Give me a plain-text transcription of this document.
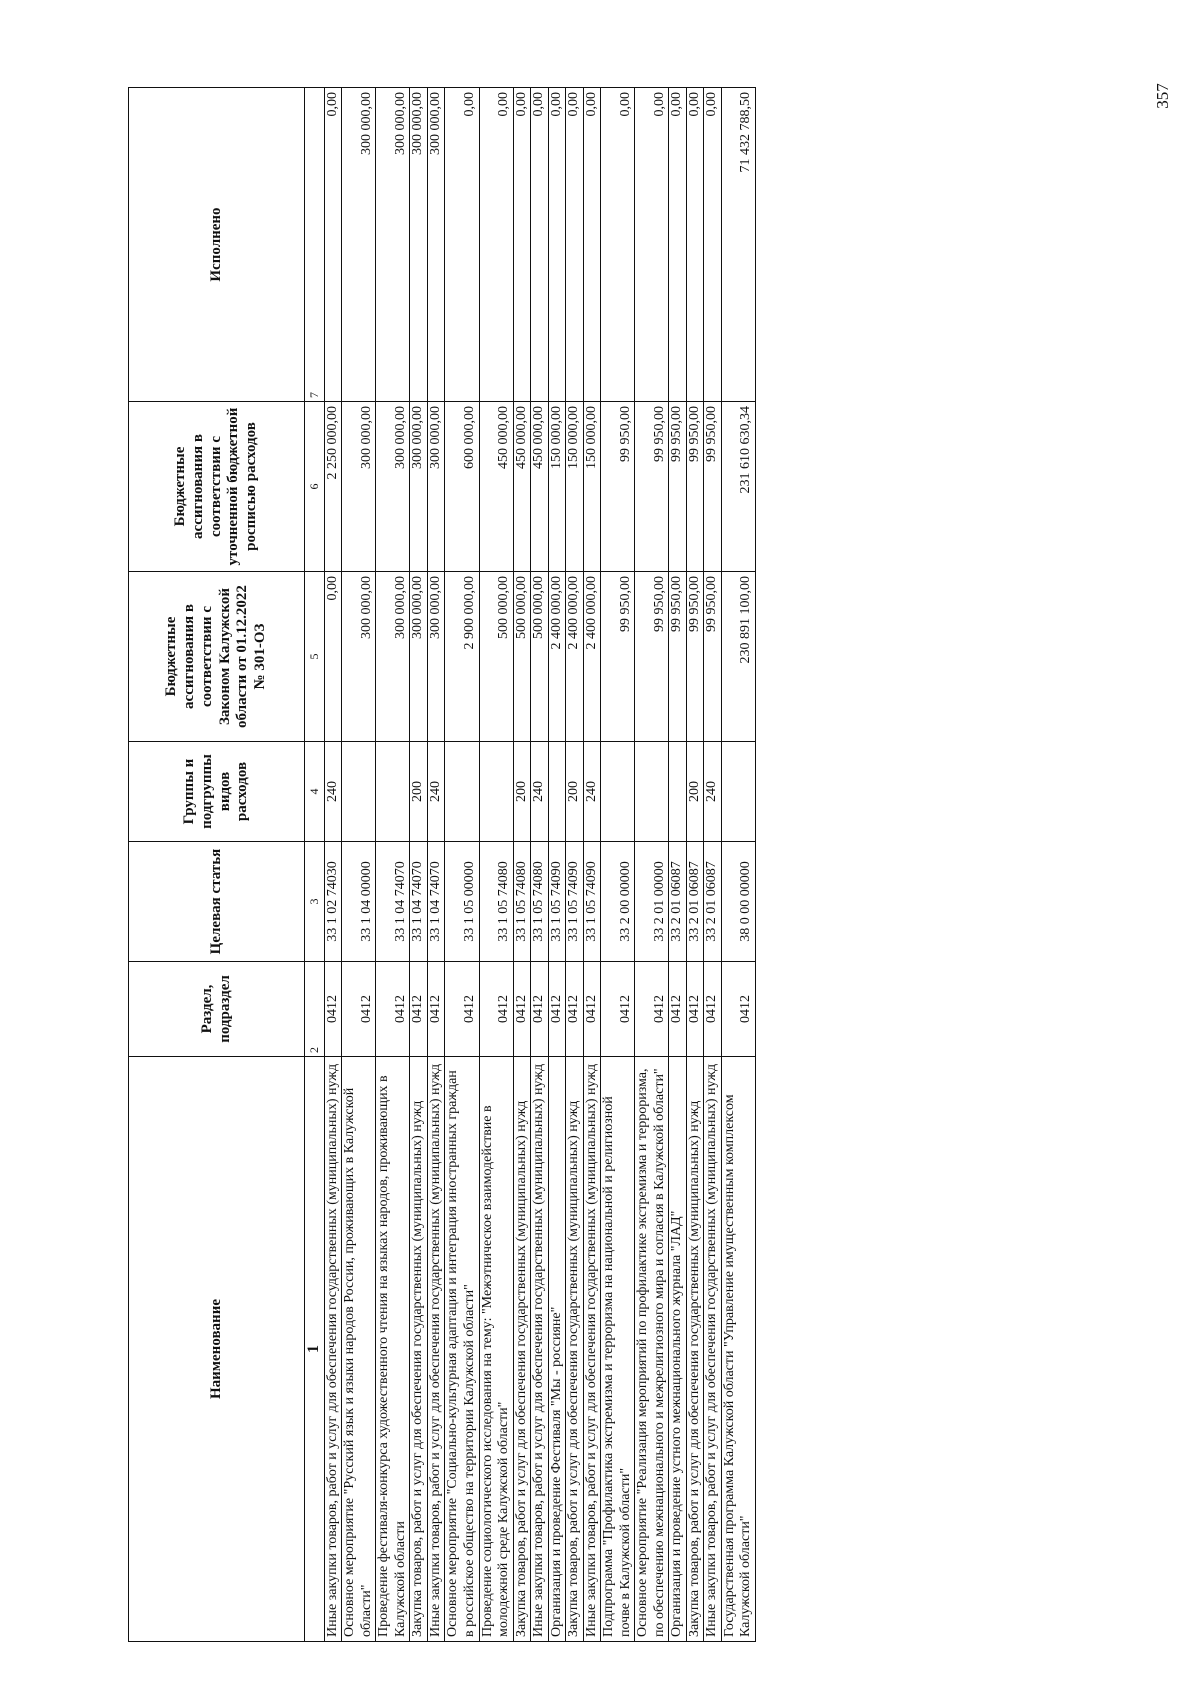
357
Наименование	Раздел, подраздел	Целевая статья	Группы и подгруппы видов расходов	Бюджетные ассигнования в соответствии с Законом Калужской области от 01.12.2022 № 301-ОЗ	Бюджетные ассигнования в соответствии с уточненной бюджетной росписью расходов	Исполнено
1	2	3	4	5	6	7
Иные закупки товаров, работ и услуг для обеспечения государственных (муниципальных) нужд	0412	33 1 02 74030	240	0,00	2 250 000,00	0,00
Основное мероприятие "Русский язык и языки народов России, проживающих в Калужской области"	0412	33 1 04 00000		300 000,00	300 000,00	300 000,00
Проведение фестиваля-конкурса художественного чтения на языках народов, проживающих в Калужской области	0412	33 1 04 74070		300 000,00	300 000,00	300 000,00
Закупка товаров, работ и услуг для обеспечения государственных (муниципальных) нужд	0412	33 1 04 74070	200	300 000,00	300 000,00	300 000,00
Иные закупки товаров, работ и услуг для обеспечения государственных (муниципальных) нужд	0412	33 1 04 74070	240	300 000,00	300 000,00	300 000,00
Основное мероприятие "Социально-культурная адаптация и интеграция иностранных граждан в российское общество на территории Калужской области"	0412	33 1 05 00000		2 900 000,00	600 000,00	0,00
Проведение социологического исследования на тему: "Межэтническое взаимодействие в молодежной среде Калужской области"	0412	33 1 05 74080		500 000,00	450 000,00	0,00
Закупка товаров, работ и услуг для обеспечения государственных (муниципальных) нужд	0412	33 1 05 74080	200	500 000,00	450 000,00	0,00
Иные закупки товаров, работ и услуг для обеспечения государственных (муниципальных) нужд	0412	33 1 05 74080	240	500 000,00	450 000,00	0,00
Организация и проведение Фестиваля "Мы - россияне"	0412	33 1 05 74090		2 400 000,00	150 000,00	0,00
Закупка товаров, работ и услуг для обеспечения государственных (муниципальных) нужд	0412	33 1 05 74090	200	2 400 000,00	150 000,00	0,00
Иные закупки товаров, работ и услуг для обеспечения государственных (муниципальных) нужд	0412	33 1 05 74090	240	2 400 000,00	150 000,00	0,00
Подпрограмма "Профилактика экстремизма и терроризма на национальной и религиозной почве в Калужской области"	0412	33 2 00 00000		99 950,00	99 950,00	0,00
Основное мероприятие "Реализация мероприятий по профилактике экстремизма и терроризма, по обеспечению межнационального и межрелигиозного мира и согласия в Калужской области"	0412	33 2 01 00000		99 950,00	99 950,00	0,00
Организация и проведение устного межнационального журнала "ЛАД"	0412	33 2 01 06087		99 950,00	99 950,00	0,00
Закупка товаров, работ и услуг для обеспечения государственных (муниципальных) нужд	0412	33 2 01 06087	200	99 950,00	99 950,00	0,00
Иные закупки товаров, работ и услуг для обеспечения государственных (муниципальных) нужд	0412	33 2 01 06087	240	99 950,00	99 950,00	0,00
Государственная программа Калужской области "Управление имущественным комплексом Калужской области"	0412	38 0 00 00000		230 891 100,00	231 610 630,34	71 432 788,50
